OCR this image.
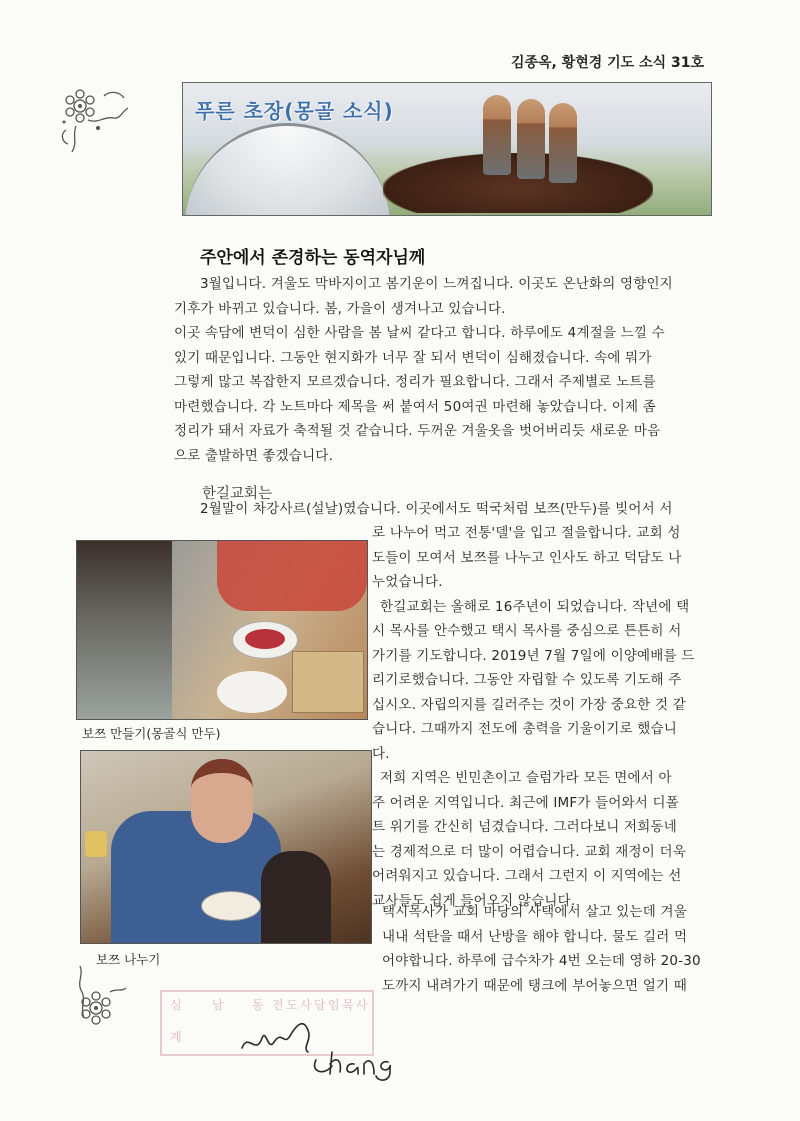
김종옥, 황현경 기도 소식 31호
푸른 초장(몽골 소식)
주안에서 존경하는 동역자님께
3월입니다. 겨울도 막바지이고 봄기운이 느껴집니다. 이곳도 온난화의 영향인지
기후가 바뀌고 있습니다. 봄, 가을이 생겨나고 있습니다.
이곳 속담에 변덕이 심한 사람을 봄 날씨 같다고 합니다. 하루에도 4계절을 느낄 수
있기 때문입니다. 그동안 현지화가 너무 잘 되서 변덕이 심해졌습니다. 속에 뭐가
그렇게 많고 복잡한지 모르겠습니다. 정리가 필요합니다. 그래서 주제별로 노트를
마련했습니다. 각 노트마다 제목을 써 붙여서 50여권 마련해 놓았습니다. 이제 좀
정리가 돼서 자료가 축적될 것 같습니다. 두꺼운 겨울옷을 벗어버리듯 새로운 마음
으로 출발하면 좋겠습니다.
한길교회는
2월말이 차강사르(설날)였습니다. 이곳에서도 떡국처럼 보쯔(만두)를 빚어서 서
로 나누어 먹고 전통'델'을 입고 절을합니다. 교회 성
도들이 모여서 보쯔를 나누고 인사도 하고 덕담도 나
누었습니다.
한길교회는 올해로 16주년이 되었습니다. 작년에 택
시 목사를 안수했고 택시 목사를 중심으로 튼튼히 서
가기를 기도합니다. 2019년 7월 7일에 이양예배를 드
리기로했습니다. 그동안 자립할 수 있도록 기도해 주
십시오. 자립의지를 길러주는 것이 가장 중요한 것 같
습니다. 그때까지 전도에 총력을 기울이기로 했습니
다.
저희 지역은 빈민촌이고 슬럼가라 모든 면에서 아
주 어려운 지역입니다. 최근에 IMF가 들어와서 디폴
트 위기를 간신히 넘겼습니다. 그러다보니 저희동네
는 경제적으로 더 많이 어렵습니다. 교회 재정이 더욱
어려워지고 있습니다. 그래서 그런지 이 지역에는 선
교사들도 쉽게 들어오지 않습니다.
택시목사가 교회 마당의 사택에서 살고 있는데 겨울
내내 석탄을 때서 난방을 해야 합니다. 물도 길러 먹
어야합니다. 하루에 급수차가 4번 오는데 영하 20-30
도까지 내려가기 때문에 탱크에 부어놓으면 얼기 때
보쯔 만들기(몽골식 만두)
보쯔 나누기
심	남 동 전 도 사 담 임 목 사
계
